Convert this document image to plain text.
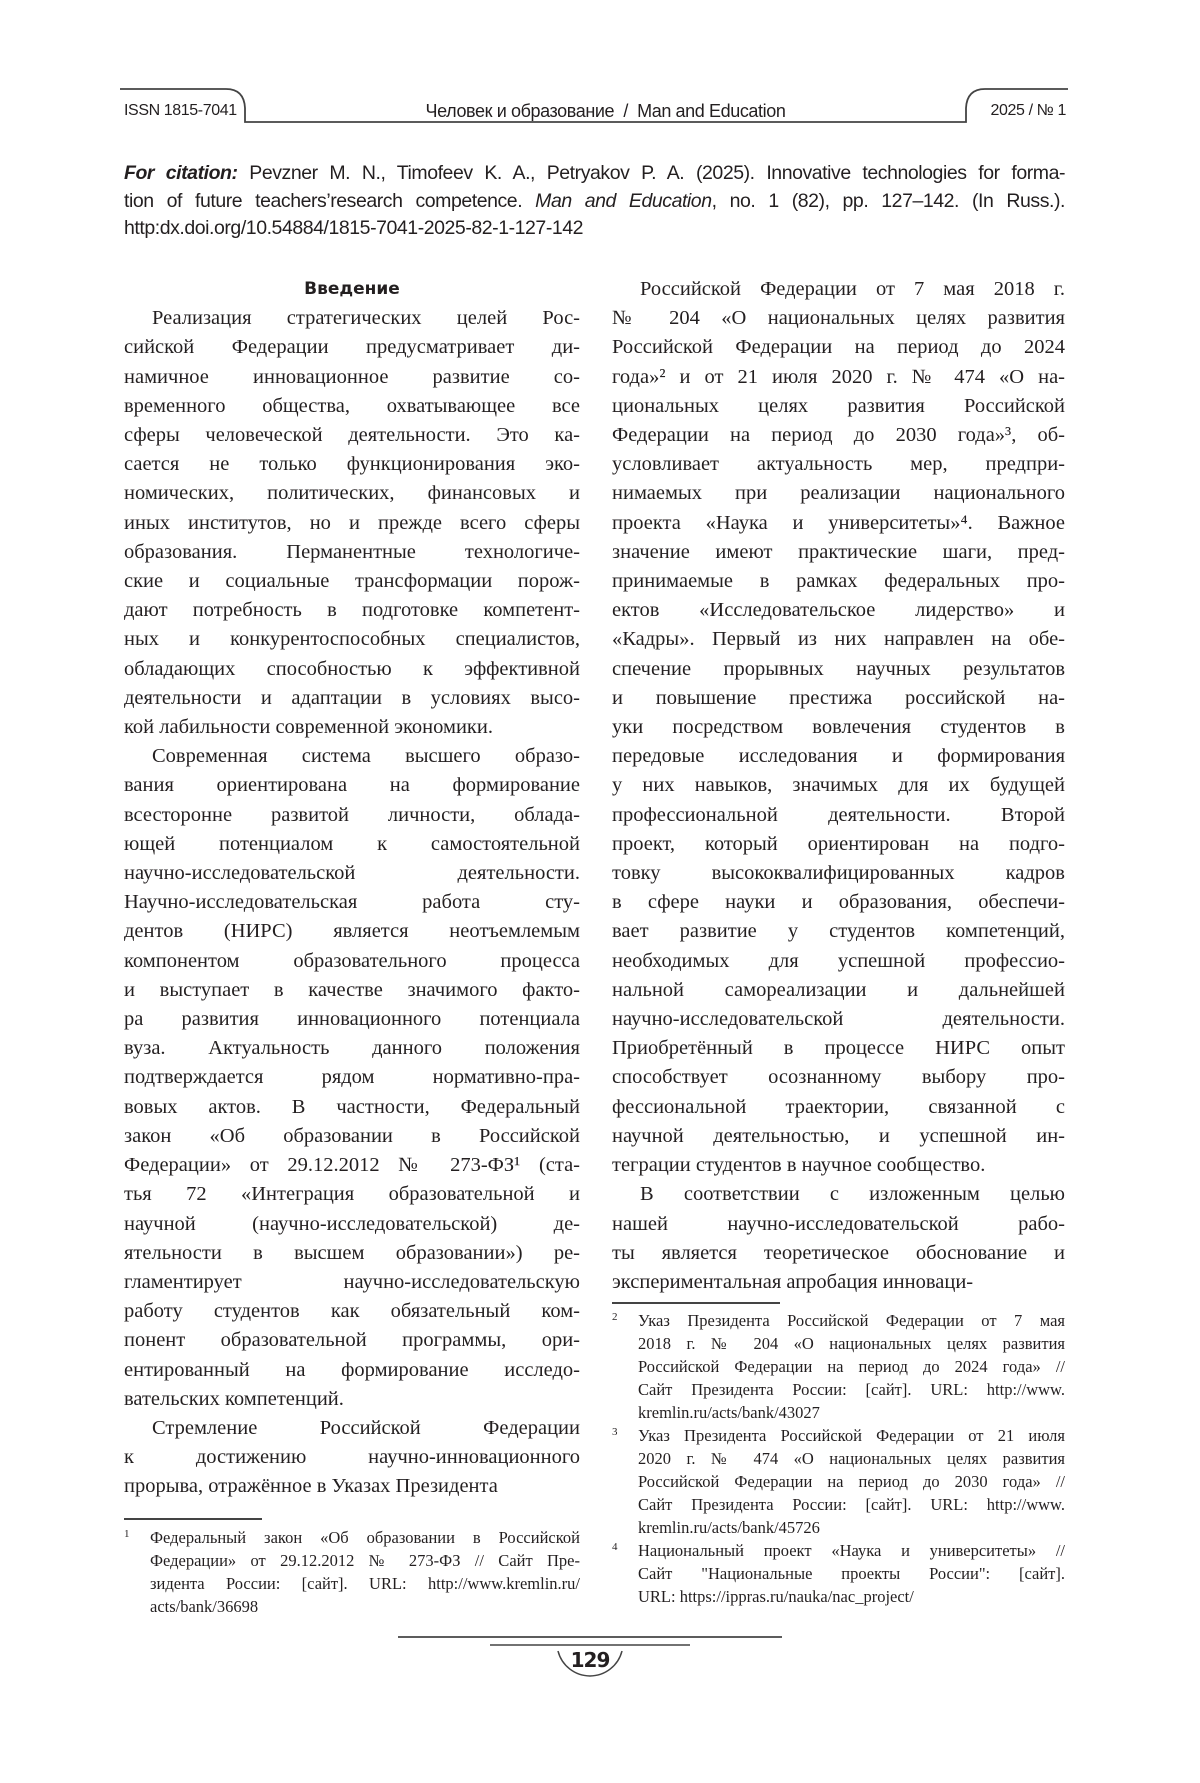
ISSN 1815-7041	Человек и образование  /  Man and Education	2025 / № 1
For citation: Pevzner M. N., Timofeev K. A., Petryakov P. A. (2025). Innovative technologies for forma-
tion of future teachers’research competence. Man and Education, no. 1 (82), pp. 127–142. (In Russ.).
http:dx.doi.org/10.54884/1815-7041-2025-82-1-127-142
Введение
Реализация стратегических целей Рос-
сийской Федерации предусматривает ди-
намичное инновационное развитие со-
временного общества, охватывающее все
сферы человеческой деятельности. Это ка-
сается не только функционирования эко-
номических, политических, финансовых и
иных институтов, но и прежде всего сферы
образования. Перманентные технологиче-
ские и социальные трансформации порож-
дают потребность в подготовке компетент-
ных и конкурентоспособных специалистов,
обладающих способностью к эффективной
деятельности и адаптации в условиях высо-
кой лабильности современной экономики.
Современная система высшего образо-
вания ориентирована на формирование
всесторонне развитой личности, облада-
ющей потенциалом к самостоятельной
научно-исследовательской деятельности.
Научно-исследовательская работа сту-
дентов (НИРС) является неотъемлемым
компонентом образовательного процесса
и выступает в качестве значимого факто-
ра развития инновационного потенциала
вуза. Актуальность данного положения
подтверждается рядом нормативно-пра-
вовых актов. В частности, Федеральный
закон «Об образовании в Российской
Федерации» от 29.12.2012 № 273-ФЗ¹ (ста-
тья 72 «Интеграция образовательной и
научной (научно-исследовательской) де-
ятельности в высшем образовании») ре-
гламентирует научно-исследовательскую
работу студентов как обязательный ком-
понент образовательной программы, ори-
ентированный на формирование исследо-
вательских компетенций.
Стремление Российской Федерации
к достижению научно-инновационного
прорыва, отражённое в Указах Президента
Российской Федерации от 7 мая 2018 г.
№ 204 «О национальных целях развития
Российской Федерации на период до 2024
года»² и от 21 июля 2020 г. № 474 «О на-
циональных целях развития Российской
Федерации на период до 2030 года»³, об-
условливает актуальность мер, предпри-
нимаемых при реализации национального
проекта «Наука и университеты»⁴. Важное
значение имеют практические шаги, пред-
принимаемые в рамках федеральных про-
ектов «Исследовательское лидерство» и
«Кадры». Первый из них направлен на обе-
спечение прорывных научных результатов
и повышение престижа российской на-
уки посредством вовлечения студентов в
передовые исследования и формирования
у них навыков, значимых для их будущей
профессиональной деятельности. Второй
проект, который ориентирован на подго-
товку высококвалифицированных кадров
в сфере науки и образования, обеспечи-
вает развитие у студентов компетенций,
необходимых для успешной профессио-
нальной самореализации и дальнейшей
научно-исследовательской деятельности.
Приобретённый в процессе НИРС опыт
способствует осознанному выбору про-
фессиональной траектории, связанной с
научной деятельностью, и успешной ин-
теграции студентов в научное сообщество.
В соответствии с изложенным целью
нашей научно-исследовательской рабо-
ты является теоретическое обоснование и
экспериментальная апробация инноваци-
1 Федеральный закон «Об образовании в Российской
Федерации» от 29.12.2012 № 273-ФЗ // Сайт Пре-
зидента России: [сайт]. URL: http://www.kremlin.ru/
acts/bank/36698
2 Указ Президента Российской Федерации от 7 мая
2018 г. № 204 «О национальных целях развития
Российской Федерации на период до 2024 года» //
Сайт Президента России: [сайт]. URL: http://www.
kremlin.ru/acts/bank/43027
3 Указ Президента Российской Федерации от 21 июля
2020 г. № 474 «О национальных целях развития
Российской Федерации на период до 2030 года» //
Сайт Президента России: [сайт]. URL: http://www.
kremlin.ru/acts/bank/45726
4 Национальный проект «Наука и университеты» //
Сайт "Национальные проекты России": [сайт].
URL: https://ippras.ru/nauka/nac_project/
129
